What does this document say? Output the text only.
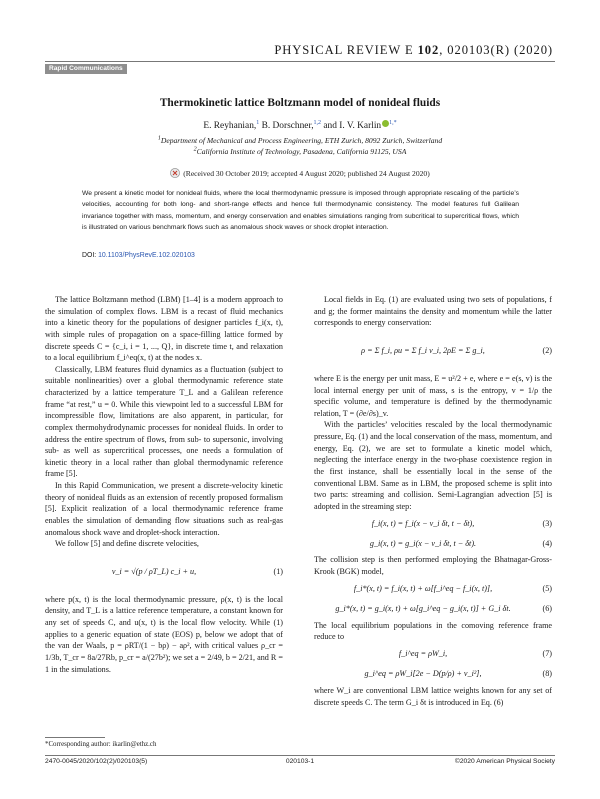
PHYSICAL REVIEW E 102, 020103(R) (2020)
Rapid Communications
Thermokinetic lattice Boltzmann model of nonideal fluids
E. Reyhanian,$^1$ B. Dorschner,$^{1,2}$ and I. V. Karlin $^{1,*}$
$^1$Department of Mechanical and Process Engineering, ETH Zurich, 8092 Zurich, Switzerland
$^2$California Institute of Technology, Pasadena, California 91125, USA
(Received 30 October 2019; accepted 4 August 2020; published 24 August 2020)

We present a kinetic model for nonideal fluids, where the local thermodynamic pressure is imposed through appropriate rescaling of the particle’s velocities, accounting for both long- and short-range effects and hence full thermodynamic consistency. The model features full Galilean invariance together with mass, momentum, and energy conservation and enables simulations ranging from subcritical to supercritical flows, which is illustrated on various benchmark flows such as anomalous shock waves or shock droplet interaction.

DOI: 10.1103/PhysRevE.102.020103

The lattice Boltzmann method (LBM) [1–4] is a modern approach to the simulation of complex flows. LBM is a recast of fluid mechanics into a kinetic theory for the populations of designer particles f_i(x, t), with simple rules of propagation on a space-filling lattice formed by discrete speeds C = {c_i, i = 1, ..., Q}, in discrete time t, and relaxation to a local equilibrium f_i^eq(x, t) at the nodes x.

Classically, LBM features fluid dynamics as a fluctuation (subject to suitable nonlinearities) over a global thermodynamic reference state characterized by a lattice temperature T_L and a Galilean reference frame “at rest,” u = 0. While this viewpoint led to a successful LBM for incompressible flow, limitations are also apparent, in particular, for complex thermohydrodynamic processes for nonideal fluids. In order to address the entire spectrum of flows, from sub- to supersonic, involving sub- as well as supercritical processes, one needs a formulation of kinetic theory in a local rather than global thermodynamic reference frame [5].

In this Rapid Communication, we present a discrete-velocity kinetic theory of nonideal fluids as an extension of recently proposed formalism [5]. Explicit realization of a local thermodynamic reference frame enables the simulation of demanding flow situations such as real-gas anomalous shock wave and droplet-shock interaction.

We follow [5] and define discrete velocities,

v_i = √(p / ρT_L) c_i + u,	(1)

where p(x, t) is the local thermodynamic pressure, ρ(x, t) is the local density, and T_L is a lattice reference temperature, a constant known for any set of speeds C, and u(x, t) is the local flow velocity. While (1) applies to a generic equation of state (EOS) p, below we adopt that of the van der Waals, p = ρRT/(1 − bρ) − aρ², with critical values ρ_cr = 1/3b, T_cr = 8a/27Rb, p_cr = a/(27b²); we set a = 2/49, b = 2/21, and R = 1 in the simulations.

Local fields in Eq. (1) are evaluated using two sets of populations, f and g; the former maintains the density and momentum while the latter corresponds to energy conservation:

ρ = Σ f_i, ρu = Σ f_i v_i, 2ρE = Σ g_i,	(2)

where E is the energy per unit mass, E = u²/2 + e, where e = e(s, v) is the local internal energy per unit of mass, s is the entropy, v = 1/ρ the specific volume, and temperature is defined by the thermodynamic relation, T = (∂e/∂s)_v.

With the particles’ velocities rescaled by the local thermodynamic pressure, Eq. (1) and the local conservation of the mass, momentum, and energy, Eq. (2), we are set to formulate a kinetic model which, neglecting the interface energy in the two-phase coexistence region in the first instance, shall be essentially local in the sense of the conventional LBM. Same as in LBM, the proposed scheme is split into two parts: streaming and collision. Semi-Lagrangian advection [5] is adopted in the streaming step:

f_i(x, t) = f_i(x − v_i δt, t − δt),	(3)
g_i(x, t) = g_i(x − v_i δt, t − δt).	(4)

The collision step is then performed employing the Bhatnagar-Gross-Krook (BGK) model,

f_i*(x, t) = f_i(x, t) + ω[f_i^eq − f_i(x, t)],	(5)
g_i*(x, t) = g_i(x, t) + ω[g_i^eq − g_i(x, t)] + G_i δt.	(6)

The local equilibrium populations in the comoving reference frame reduce to

f_i^eq = ρW_i,	(7)
g_i^eq = ρW_i[2e − D(p/ρ) + v_i²],	(8)

where W_i are conventional LBM lattice weights known for any set of discrete speeds C. The term G_i δt is introduced in Eq. (6)

*Corresponding author: ikarlin@ethz.ch
2470-0045/2020/102(2)/020103(5)	020103-1	©2020 American Physical Society
